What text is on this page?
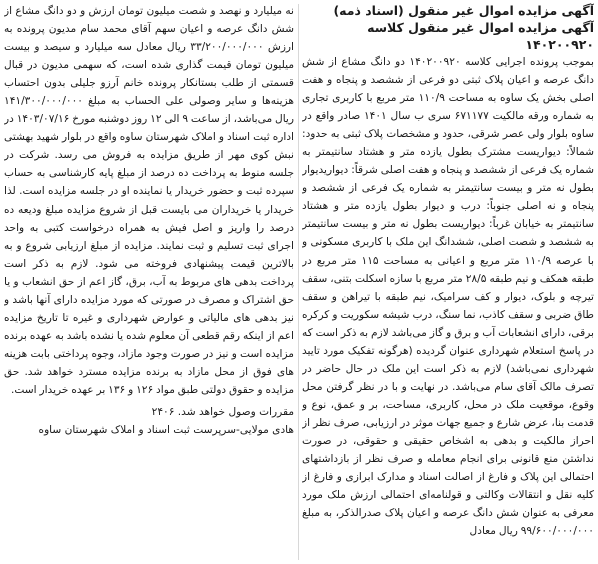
آگهی مزایده اموال غیر منقول (اسناد ذمه)

آگهی مزایده اموال غیر منقول کلاسه ۱۴۰۲۰۰۹۲۰

بموجب پرونده اجرایی کلاسه ۱۴۰۲۰۰۹۲۰ دو دانگ مشاع از شش دانگ عرصه و اعیان پلاک ثبتی دو فرعی از ششصد و پنجاه و هفت اصلی بخش یک ساوه به مساحت ۱۱۰/۹ متر مربع با کاربری تجاری به شماره ورقه مالکیت ۶۷۱۱۷۷ سری ب سال ۱۴۰۱ صادر واقع در ساوه بلوار ولی عصر شرقی، حدود و مشخصات پلاک ثبتی به حدود: شمالاً: دیواریست مشترک بطول یازده متر و هشتاد سانتیمتر به شماره یک فرعی از ششصد و پنجاه و هفت اصلی شرقاً: دیواریدیوار بطول نه متر و بیست سانتیمتر به شماره یک فرعی از ششصد و پنجاه و نه اصلی جنوباً: درب و دیوار بطول یازده متر و هشتاد سانتیمتر به خیابان غرباً: دیواریست بطول نه متر و بیست سانتیمتر به ششصد و شصت اصلی، ششدانگ این ملک با کاربری مسکونی و با عرصه ۱۱۰/۹ متر مربع و اعیانی به مساحت ۱۱۵ متر مربع در طبقه همکف و نیم طبقه ۲۸/۵ متر مربع با سازه اسکلت بتنی، سقف تیرچه و بلوک، دیوار و کف سرامیک، نیم طبقه با تیراهن و سقف طاق ضربی و سقف کاذب، نما سنگ، درب شیشه سکوریت و کرکره برقی، دارای انشعابات آب و برق و گاز می‌باشد لازم به ذکر است که در پاسخ استعلام شهرداری عنوان گردیده (هرگونه تفکیک مورد تایید شهرداری نمی‌باشد) لازم به ذکر است این ملک در حال حاضر در تصرف مالک آقای سام می‌باشد. در نهایت و با در نظر گرفتن محل وقوع، موقعیت ملک در محل، کاربری، مساحت، بر و عمق، نوع و قدمت بنا، عرض شارع و جمیع جهات موثر در ارزیابی، صرف نظر از احراز مالکیت و بدهی به اشخاص حقیقی و حقوقی، در صورت نداشتن منع قانونی برای انجام معامله و صرف نظر از بازداشتهای احتمالی این پلاک و فارغ از اصالت اسناد و مدارک ابرازی و فارغ از کلیه نقل و انتقالات وکالتی و قولنامه‌ای احتمالی ارزش ملک مورد معرفی به عنوان شش دانگ عرصه و اعیان پلاک صدرالذکر، به مبلغ ۹۹/۶۰۰/۰۰۰/۰۰۰ ریال معادل

نه میلیارد و نهصد و شصت میلیون تومان ارزش و دو دانگ مشاع از شش دانگ عرصه و اعیان سهم آقای محمد سام مدیون پرونده به ارزش ۳۳/۲۰۰/۰۰۰/۰۰۰ ریال معادل سه میلیارد و سیصد و بیست میلیون تومان قیمت گذاری شده است، که سهمی مدیون در قبال قسمتی از طلب بستانکار پرونده خانم آرزو جلیلی بدون احتساب هزینه‌ها و سایر وصولی علی الحساب به مبلغ ۱۴۱/۳۰۰/۰۰۰/۰۰۰ ریال می‌باشد، از ساعت ۹ الی ۱۲ روز دوشنبه مورخ ۱۴۰۳/۰۷/۱۶ در اداره ثبت اسناد و املاک شهرستان ساوه واقع در بلوار شهید بهشتی نبش کوی مهر از طریق مزایده به فروش می رسد. شرکت در جلسه منوط به پرداخت ده درصد از مبلغ پایه کارشناسی به حساب سپرده ثبت و حضور خریدار یا نماینده او در جلسه مزایده است. لذا خریدار یا خریداران می بایست قبل از شروع مزایده مبلغ ودیعه ده درصد را واریز و اصل فیش به همراه درخواست کتبی به واحد اجرای ثبت تسلیم و ثبت نمایند. مزایده از مبلغ ارزیابی شروع و به بالاترین قیمت پیشنهادی فروخته می شود. لازم به ذکر است پرداخت بدهی های مربوط به آب، برق، گاز اعم از حق انشعاب و یا حق اشتراک و مصرف در صورتی که مورد مزایده دارای آنها باشد و نیز بدهی های مالیاتی و عوارض شهرداری و غیره تا تاریخ مزایده اعم از اینکه رقم قطعی آن معلوم شده یا نشده باشد به عهده برنده مزایده است و نیز در صورت وجود مازاد، وجوه پرداختی بابت هزینه های فوق از محل مازاد به برنده مزایده مسترد خواهد شد. حق مزایده و حقوق دولتی طبق مواد ۱۲۶ و ۱۳۶ بر عهده خریدار است.

مقررات وصول خواهد شد. ۲۴۰۶
هادی مولایی-سرپرست ثبت اسناد و املاک شهرستان ساوه
